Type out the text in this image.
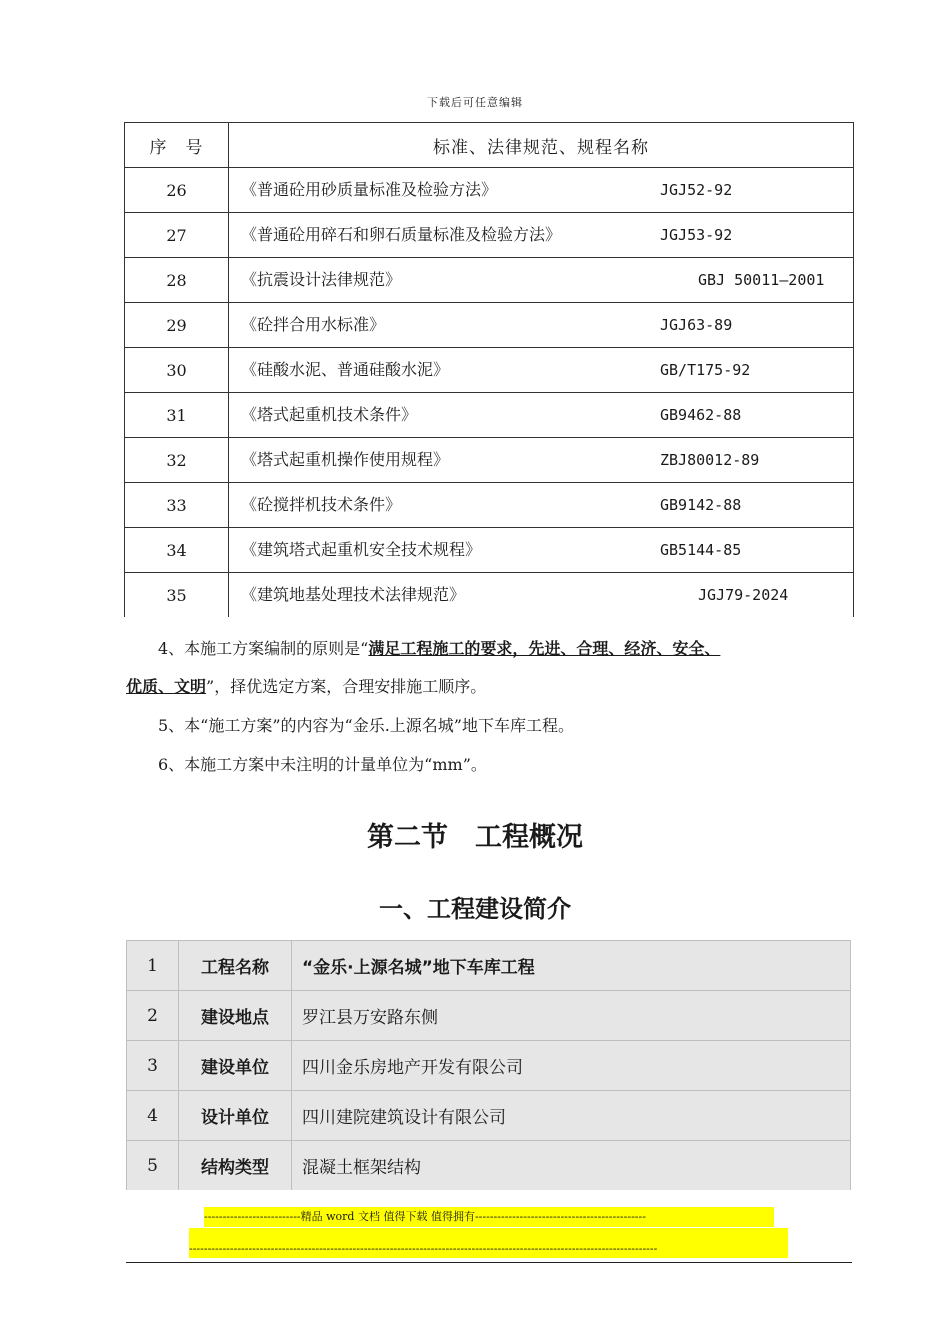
下载后可任意编辑
序　号	标准、法律规范、规程名称
26	《普通砼用砂质量标准及检验方法》 JGJ52-92

27	《普通砼用碎石和卵石质量标准及检验方法》 JGJ53-92

28	《抗震设计法律规范》 GBJ 50011—2001

29	《砼拌合用水标准》 JGJ63-89

30	《硅酸水泥、普通硅酸水泥》 GB/T175-92

31	《塔式起重机技术条件》 GB9462-88

32	《塔式起重机操作使用规程》 ZBJ80012-89

33	《砼搅拌机技术条件》 GB9142-88

34	《建筑塔式起重机安全技术规程》 GB5144-85

35	《建筑地基处理技术法律规范》 JGJ79-2024
4、本施工方案编制的原则是“满足工程施工的要求，先进、合理、经济、安全、
优质、文明”，择优选定方案，合理安排施工顺序。
5、本“施工方案”的内容为“金乐.上源名城”地下车库工程。
6、本施工方案中未注明的计量单位为“mm”。
第二节　工程概况
一、工程建设简介
1	工程名称	“金乐·上源名城”地下车库工程
2	建设地点	罗江县万安路东侧
3	建设单位	四川金乐房地产开发有限公司
4	设计单位	四川建院建筑设计有限公司
5	结构类型	混凝土框架结构
--------------------------精品 word 文档 值得下载 值得拥有----------------------------------------------
------------------------------------------------------------------------------------------------------------------------------
